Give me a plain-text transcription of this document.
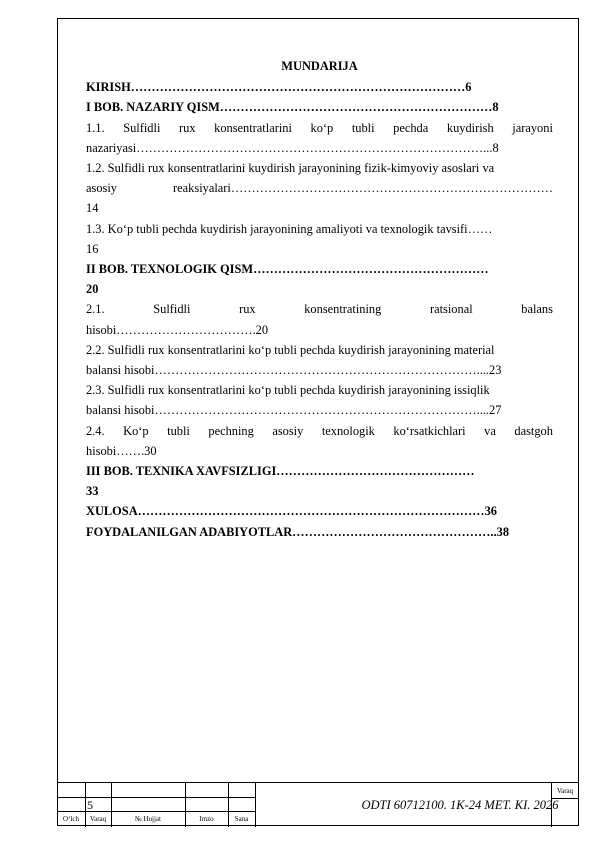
MUNDARIJA
KIRISH………………………………………………………………………6
I BOB. NAZARIY QISM…………………………………………………………8
1.1. Sulfidli rux konsentratlarini ko‘p tubli pechda kuydirish jarayoni
nazariyasi…………………………………………………………………………...8
1.2. Sulfidli rux konsentratlarini kuydirish jarayonining fizik-kimyoviy asoslari va
asosiy	reaksiyalari……………………………………………………………………
14
1.3. Ko‘p tubli pechda kuydirish jarayonining amaliyoti va texnologik tavsifi……
16
II BOB. TEXNOLOGIK QISM…………………………………………………
20
2.1.	Sulfidli	rux	konsentratining	ratsional	balans
hisobi…………………………….20
2.2. Sulfidli rux konsentratlarini ko‘p tubli pechda kuydirish jarayonining material
balansi hisobi……………………………………………………………………....23
2.3. Sulfidli rux konsentratlarini ko‘p tubli pechda kuydirish jarayonining issiqlik
balansi hisobi……………………………………………………………………....27
2.4. Ko‘p tubli pechning asosiy texnologik ko‘rsatkichlari va dastgoh
hisobi…….30
III BOB. TEXNIKA XAVFSIZLIGI…………………………………………
33
XULOSA…………………………………………………………………………36
FOYDALANILGAN ADABIYOTLAR…………………………………………..38
5
O‘lch	Varaq	№ Hujjat	Imzo	Sana
ODTI 60712100. 1K-24 MET. KI. 2026
Varaq
